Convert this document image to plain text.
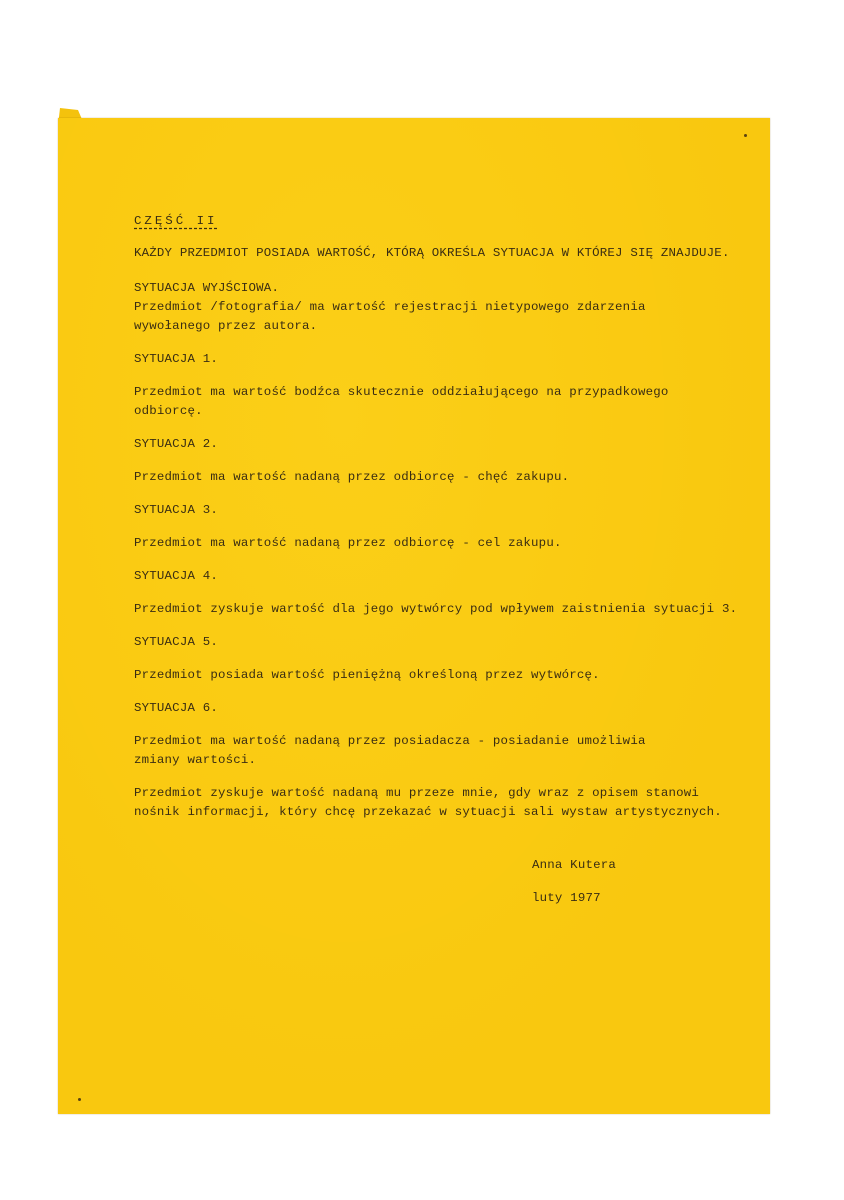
CZĘŚĆ II

KAŻDY PRZEDMIOT POSIADA WARTOŚĆ, KTÓRĄ OKREŚLA SYTUACJA W KTÓREJ SIĘ ZNAJDUJE.

SYTUACJA WYJŚCIOWA.

Przedmiot /fotografia/ ma wartość rejestracji nietypowego zdarzenia

wywołanego przez autora.

SYTUACJA 1.

Przedmiot ma wartość bodźca skutecznie oddziałującego na przypadkowego

odbiorcę.

SYTUACJA 2.

Przedmiot ma wartość nadaną przez odbiorcę - chęć zakupu.

SYTUACJA 3.

Przedmiot ma wartość nadaną przez odbiorcę - cel zakupu.

SYTUACJA 4.

Przedmiot zyskuje wartość dla jego wytwórcy pod wpływem zaistnienia sytuacji 3.

SYTUACJA 5.

Przedmiot posiada wartość pieniężną określoną przez wytwórcę.

SYTUACJA 6.

Przedmiot ma wartość nadaną przez posiadacza - posiadanie umożliwia

zmiany wartości.

Przedmiot zyskuje wartość nadaną mu przeze mnie, gdy wraz z opisem stanowi

nośnik informacji, który chcę przekazać w sytuacji sali wystaw artystycznych.

Anna Kutera

luty 1977
